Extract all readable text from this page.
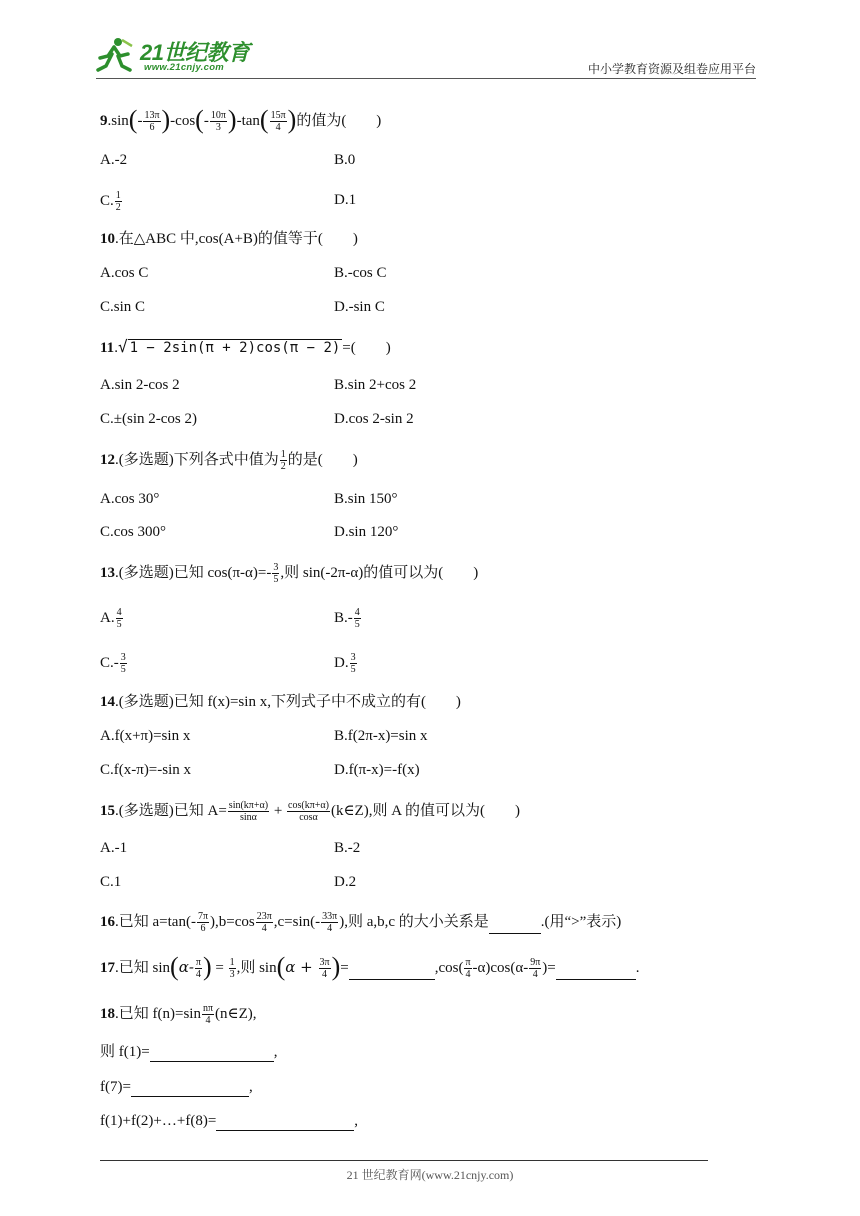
21世纪教育
www.21cnjy.com	中小学教育资源及组卷应用平台
$9.\sin(- \frac{13\pi}{6} )-\cos(- \frac{10\pi}{3} )-\tan( \frac{15\pi}{4}$ )的值为(　　)
A.-2	B.0
C. $\frac{1}{2}$	D.1
10.在△ABC 中,cos(A+B)的值等于(　　)
A.cos C	B.-cos C
C.sin C	D.-sin C
11.√ 1 − 2sin(π + 2)cos(π − 2) =(　　)
A.sin 2-cos 2	B.sin 2+cos 2
C.±(sin 2-cos 2)	D.cos 2-sin 2
12.(多选题)下列各式中值为 $\frac{1}{2}$ 的是(　　)
A.cos 30°	B.sin 150°
C.cos 300°	D.sin 120°
13.(多选题)已知 $\cos(\pi-\alpha)=- \frac{3}{5}$ ,则 sin(-2π-α)的值可以为(　　)
A. $\frac{4}{5}$	$B.- \frac{4}{5}$
$C.- \frac{3}{5}$	D. $\frac{3}{5}$
14.(多选题)已知 f(x)=sin x,下列式子中不成立的有(　　)
A.f(x+π)=sin x	B.f(2π-x)=sin x
C.f(x-π)=-sin x	D.f(π-x)=-f(x)
15.(多选题)已知 $A= \frac{\sin(k\pi+\alpha)}{\sin\alpha} + \frac{\cos(k\pi+\alpha)}{\cos\alpha}$ (k∈Z),则 A 的值可以为(　　)
A.-1	B.-2
C.1	D.2
16.已知 $a=\tan(- \frac{7\pi}{6} ),b=\cos \frac{23\pi}{4} ,c=\sin(- \frac{33\pi}{4}$ ),则 a,b,c 的大小关系是	.(用“>”表示)
17.已知 $\sin(\alpha- \frac{\pi}{4}$ ) = $\frac{1}{3}$ ,则 $\sin(\alpha + \frac{3\pi}{4}$ )=	$,\cos( \frac{\pi}{4} -\alpha)\cos(\alpha- \frac{9\pi}{4}$ )=	.
18.已知 $f(n)=\sin \frac{n\pi}{4}$ (n∈Z),
则 f(1)=	,
f(7)=	,
f(1)+f(2)+…+f(8)=	,
21 世纪教育网(www.21cnjy.com)
